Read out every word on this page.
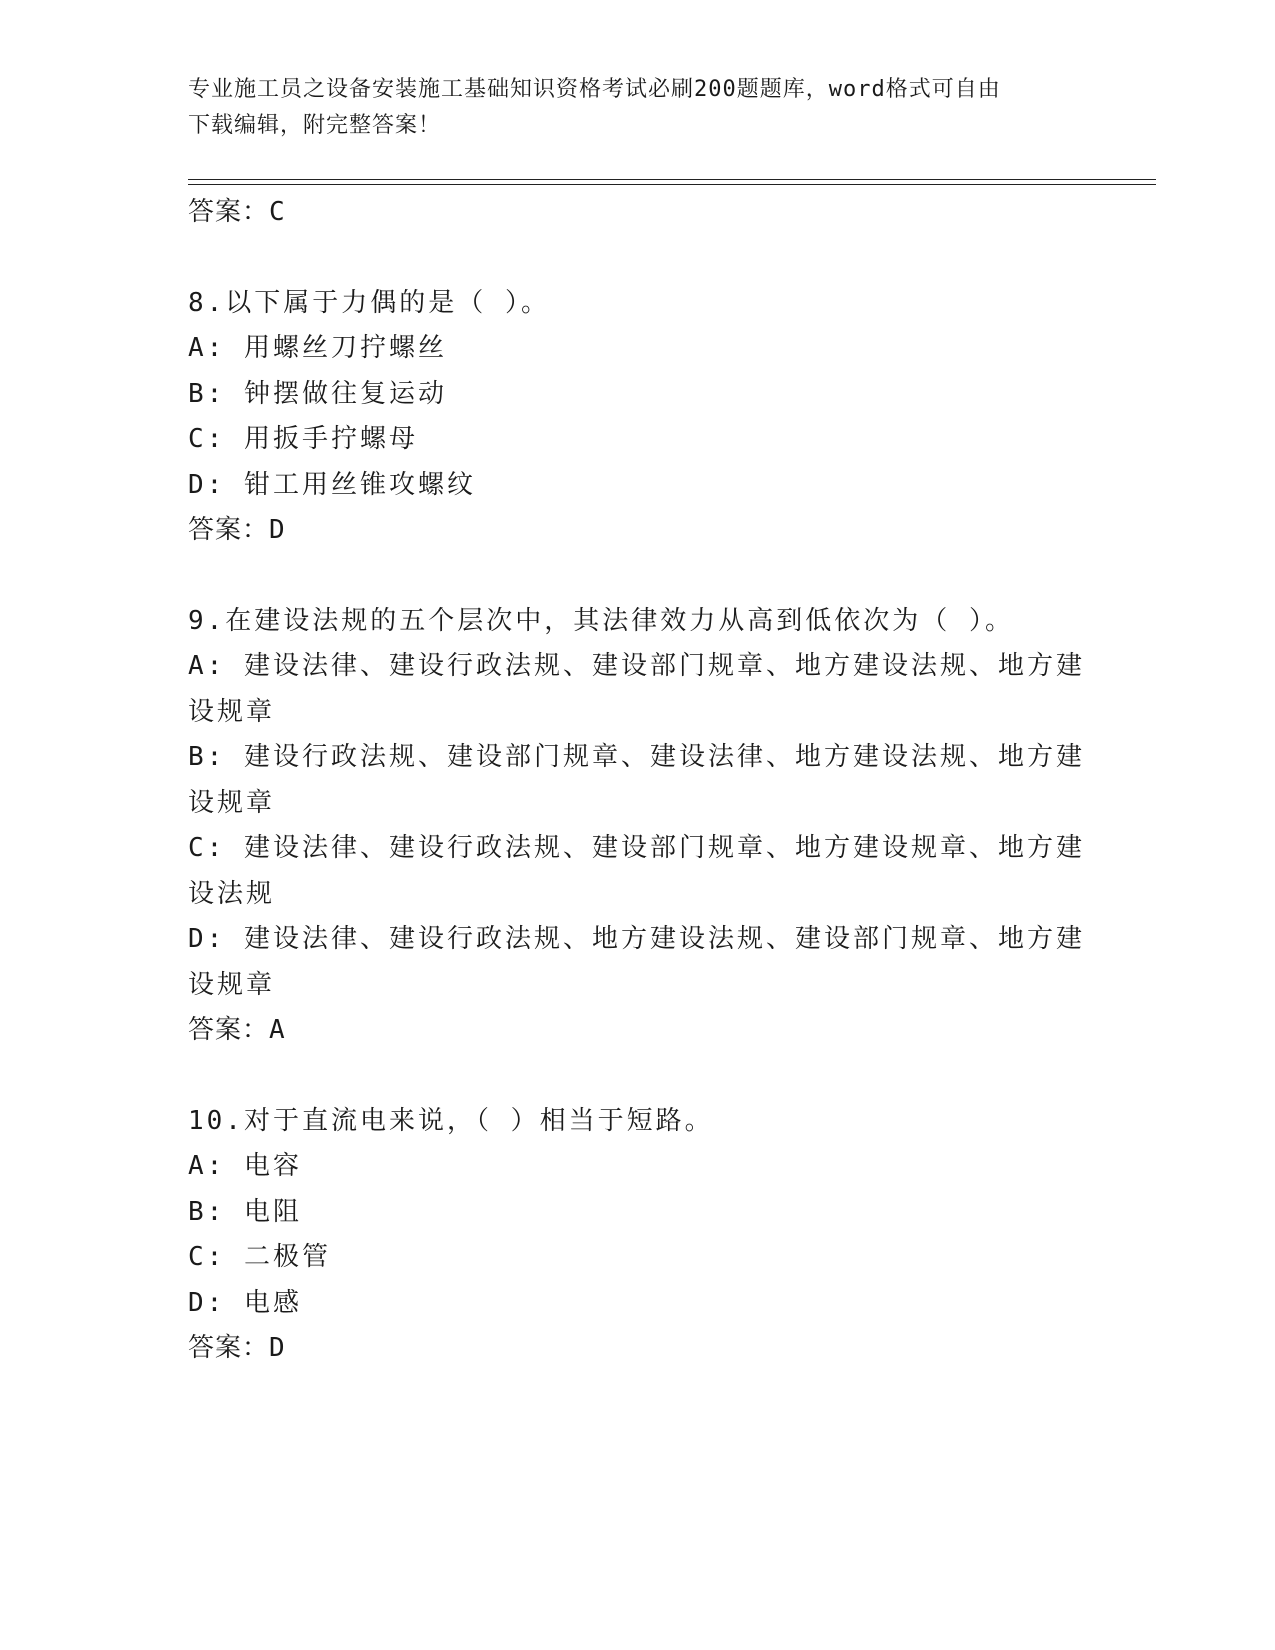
专业施工员之设备安装施工基础知识资格考试必刷200题题库，word格式可自由
下载编辑，附完整答案！

答案：C

8.以下属于力偶的是（ ）。

A: 用螺丝刀拧螺丝

B: 钟摆做往复运动

C: 用扳手拧螺母

D: 钳工用丝锥攻螺纹

答案：D

9.在建设法规的五个层次中，其法律效力从高到低依次为（ ）。

A: 建设法律、建设行政法规、建设部门规章、地方建设法规、地方建

设规章

B: 建设行政法规、建设部门规章、建设法律、地方建设法规、地方建

设规章

C: 建设法律、建设行政法规、建设部门规章、地方建设规章、地方建

设法规

D: 建设法律、建设行政法规、地方建设法规、建设部门规章、地方建

设规章

答案：A

10.对于直流电来说，（ ）相当于短路。

A: 电容

B: 电阻

C: 二极管

D: 电感

答案：D
